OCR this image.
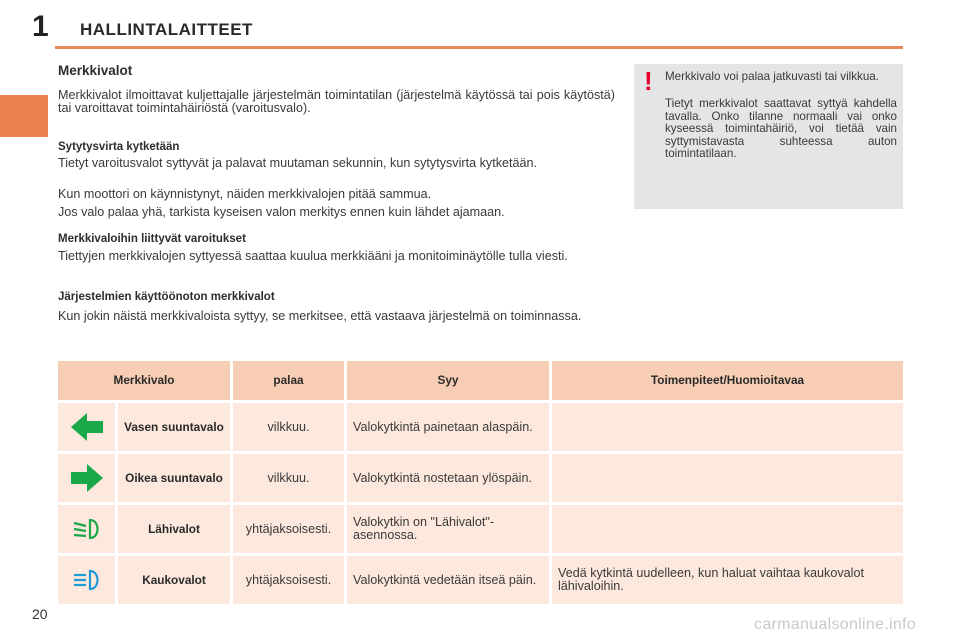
1 HALLINTALAITTEET
Merkkivalot
Merkkivalot ilmoittavat kuljettajalle järjestelmän toimintatilan (järjestelmä käytössä tai pois käytöstä) tai varoittavat toimintahäiriöstä (varoitusvalo).
Sytytysvirta kytketään
Tietyt varoitusvalot syttyvät ja palavat muutaman sekunnin, kun sytytysvirta kytketään.
Kun moottori on käynnistynyt, näiden merkkivalojen pitää sammua.
Jos valo palaa yhä, tarkista kyseisen valon merkitys ennen kuin lähdet ajamaan.
Merkkivaloihin liittyvät varoitukset
Tiettyjen merkkivalojen syttyessä saattaa kuulua merkkiääni ja monitoiminäytölle tulla viesti.
Järjestelmien käyttöönoton merkkivalot
Kun jokin näistä merkkivaloista syttyy, se merkitsee, että vastaava järjestelmä on toiminnassa.
! Merkkivalo voi palaa jatkuvasti tai vilkkua.
Tietyt merkkivalot saattavat syttyä kahdella tavalla. Onko tilanne normaali vai onko kyseessä toimintahäiriö, voi tietää vain syttymistavasta suhteessa auton toimintatilaan.
Merkkivalo	palaa	Syy	Toimenpiteet/Huomioitavaa
Vasen suuntavalo	vilkkuu.	Valokytkintä painetaan alaspäin.
Oikea suuntavalo	vilkkuu.	Valokytkintä nostetaan ylöspäin.
Lähivalot	yhtäjaksoisesti.	Valokytkin on "Lähivalot"-asennossa.
Kaukovalot	yhtäjaksoisesti.	Valokytkintä vedetään itseä päin.	Vedä kytkintä uudelleen, kun haluat vaihtaa kaukovalot lähivaloihin.
20
carmanualsonline.info
